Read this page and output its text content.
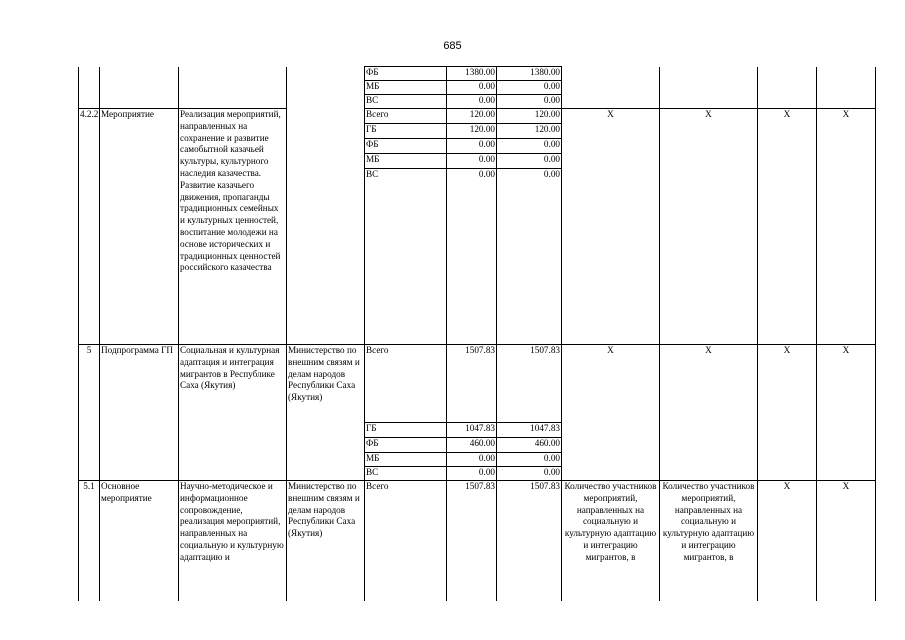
685
				ФБ	1380.00	1380.00				
				МБ	0.00	0.00				
				ВС	0.00	0.00				
4.2.2	Мероприятие	Реализация мероприятий, направленных на сохранение и развитие самобытной казачьей культуры, культурного наследия казачества. Развитие казачьего движения, пропаганды традиционных семейных и культурных ценностей, воспитание молодежи на основе исторических и традиционных ценностей российского казачества		Всего	120.00	120.00	Х	Х	Х	Х
				ГБ	120.00	120.00				
				ФБ	0.00	0.00				
				МБ	0.00	0.00				
				ВС	0.00	0.00				
5	Подпрограмма ГП	Социальная и культурная адаптация и интеграция мигрантов в Республике Саха (Якутия)	Министерство по внешним связям и делам народов Республики Саха (Якутия)	Всего	1507.83	1507.83	Х	Х	Х	Х
				ГБ	1047.83	1047.83				
				ФБ	460.00	460.00				
				МБ	0.00	0.00				
				ВС	0.00	0.00				
5.1	Основное мероприятие	Научно-методическое и информационное сопровождение, реализация мероприятий, направленных на социальную и культурную адаптацию и	Министерство по внешним связям и делам народов Республики Саха (Якутия)	Всего	1507.83	1507.83	Количество участников мероприятий, направленных на социальную и культурную адаптацию и интеграцию мигрантов, в	Количество участников мероприятий, направленных на социальную и культурную адаптацию и интеграцию мигрантов, в	Х	Х
